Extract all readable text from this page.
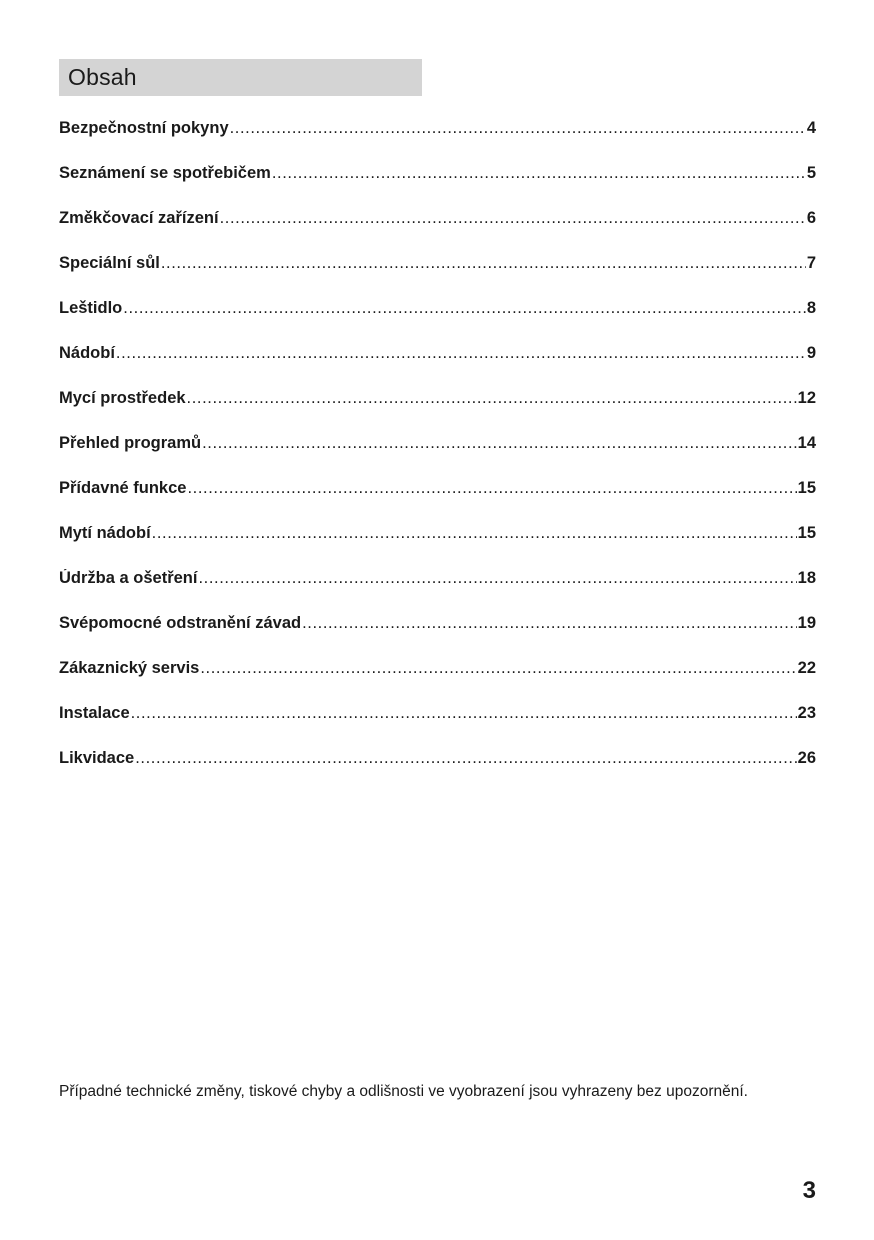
Obsah
Bezpečnostní pokyny .....	4
Seznámení se spotřebičem .....	5
Změkčovací zařízení .....	6
Speciální sůl .....	7
Leštidlo .....	8
Nádobí .....	9
Mycí prostředek .....	12
Přehled programů .....	14
Přídavné funkce .....	15
Mytí nádobí .....	15
Údržba a ošetření .....	18
Svépomocné odstranění závad .....	19
Zákaznický servis .....	22
Instalace .....	23
Likvidace .....	26

Případné technické změny, tiskové chyby a odlišnosti ve vyobrazení jsou vyhrazeny bez upozornění.

3
